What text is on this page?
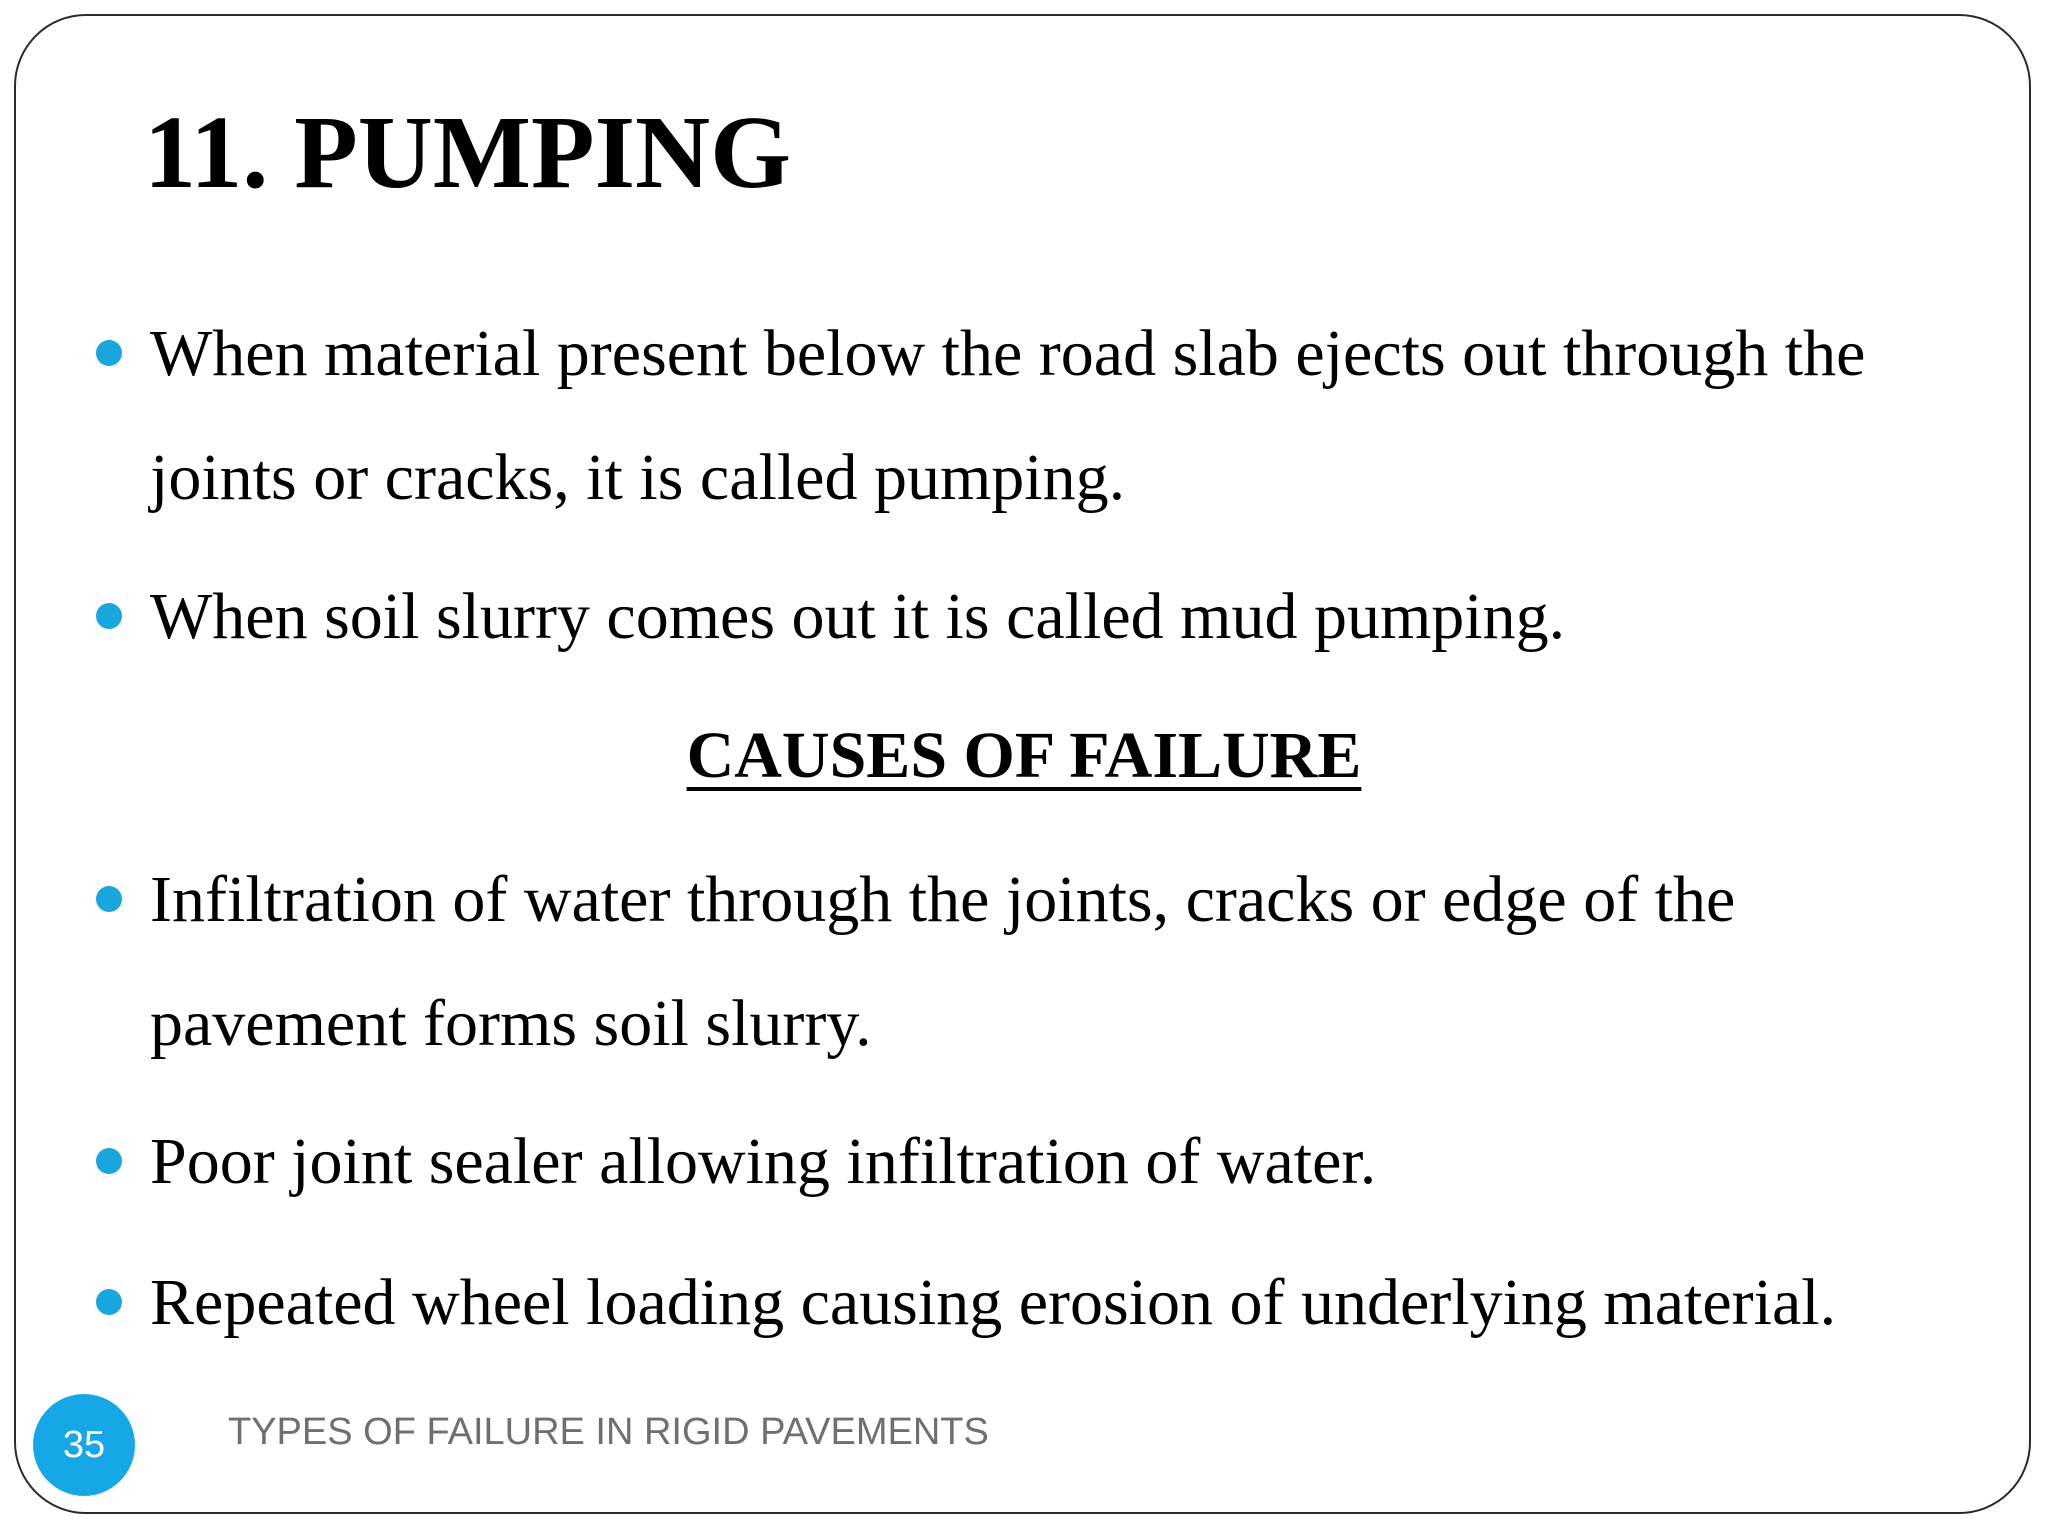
11. PUMPING

When material present below the road slab ejects out through the joints or cracks, it is called pumping.

When soil slurry comes out it is called mud pumping.

CAUSES OF FAILURE

Infiltration of water through the joints, cracks or edge of the pavement forms soil slurry.

Poor joint sealer allowing infiltration of water.

Repeated wheel loading causing erosion of underlying material.

35	TYPES OF FAILURE IN RIGID PAVEMENTS
